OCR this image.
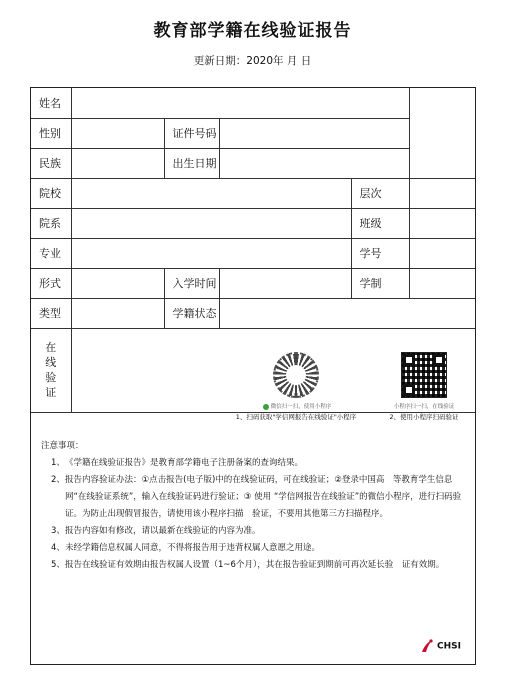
教育部学籍在线验证报告
更新日期：2020年 月 日
姓名					
性别		证件号码			
民族		出生日期			
院校				层次	
院系				班级	
专业				学号	
形式		入学时间		学制	
类型		学籍状态			
在
线
验
证					
微信扫一扫，使用小程序
1、扫码获取"学信网报告在线验证"小程序
小程序扫一扫，在线验证
2、使用小程序扫码验证
注意事项：
1、 《学籍在线验证报告》是教育部学籍电子注册备案的查询结果。
2、 报告内容验证办法：①点击报告(电子版)中的在线验证码，可在线验证；②登录中国高　等教育学生信息网“在线验证系统”，输入在线验证码进行验证；③ 使用 “学信网报告在线验证”的微信小程序，进行扫码验证。为防止出现假冒报告，请使用该小程序扫描　验证，不要用其他第三方扫描程序。
3、 报告内容如有修改，请以最新在线验证的内容为准。
4、 未经学籍信息权属人同意，不得将报告用于违背权属人意愿之用途。
5、 报告在线验证有效期由报告权属人设置（1~6个月），其在报告验证到期前可再次延长验　证有效期。
CHSI
